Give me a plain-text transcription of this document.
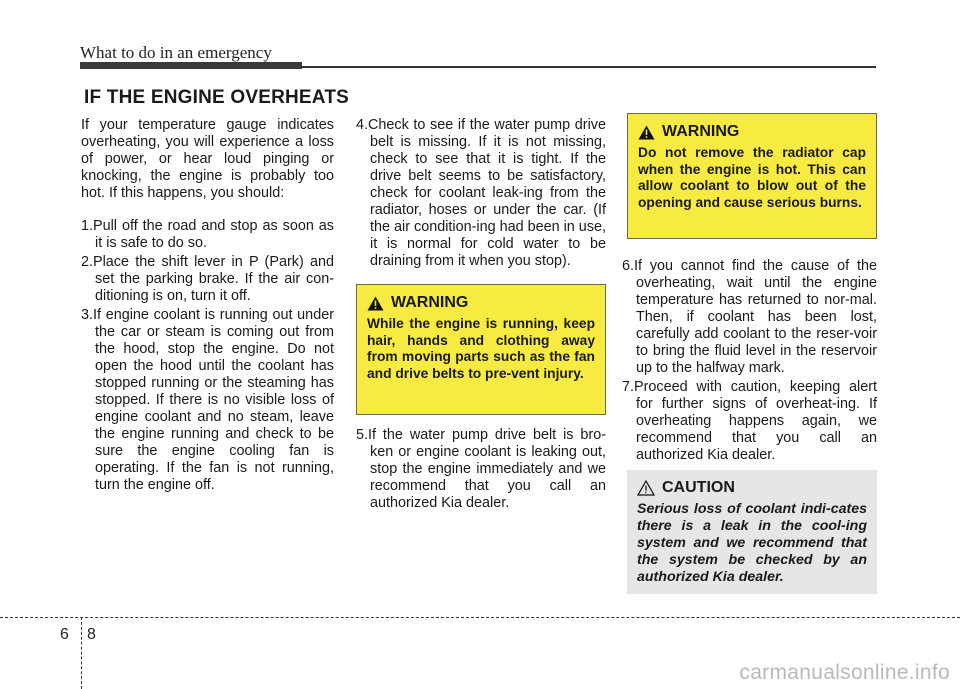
What to do in an emergency
IF THE ENGINE OVERHEATS

If your temperature gauge indicates overheating, you will experience a loss of power, or hear loud pinging or knocking, the engine is probably too hot. If this happens, you should:

1.Pull off the road and stop as soon as it is safe to do so.

2.Place the shift lever in P (Park) and set the parking brake. If the air con-ditioning is on, turn it off.

3.If engine coolant is running out under the car or steam is coming out from the hood, stop the engine. Do not open the hood until the coolant has stopped running or the steaming has stopped. If there is no visible loss of engine coolant and no steam, leave the engine running and check to be sure the engine cooling fan is operating. If the fan is not running, turn the engine off.

4.Check to see if the water pump drive belt is missing. If it is not missing, check to see that it is tight. If the drive belt seems to be satisfactory, check for coolant leak-ing from the radiator, hoses or under the car. (If the air condition-ing had been in use, it is normal for cold water to be draining from it when you stop).

WARNING
While the engine is running, keep hair, hands and clothing away from moving parts such as the fan and drive belts to pre-vent injury.

5.If the water pump drive belt is bro-ken or engine coolant is leaking out, stop the engine immediately and we recommend that you call an authorized Kia dealer.

WARNING
Do not remove the radiator cap when the engine is hot. This can allow coolant to blow out of the opening and cause serious burns.

6.If you cannot find the cause of the overheating, wait until the engine temperature has returned to nor-mal. Then, if coolant has been lost, carefully add coolant to the reser-voir to bring the fluid level in the reservoir up to the halfway mark.

7.Proceed with caution, keeping alert for further signs of overheat-ing. If overheating happens again, we recommend that you call an authorized Kia dealer.

CAUTION
Serious loss of coolant indi-cates there is a leak in the cool-ing system and we recommend that the system be checked by an authorized Kia dealer.
6 8
carmanualsonline.info
